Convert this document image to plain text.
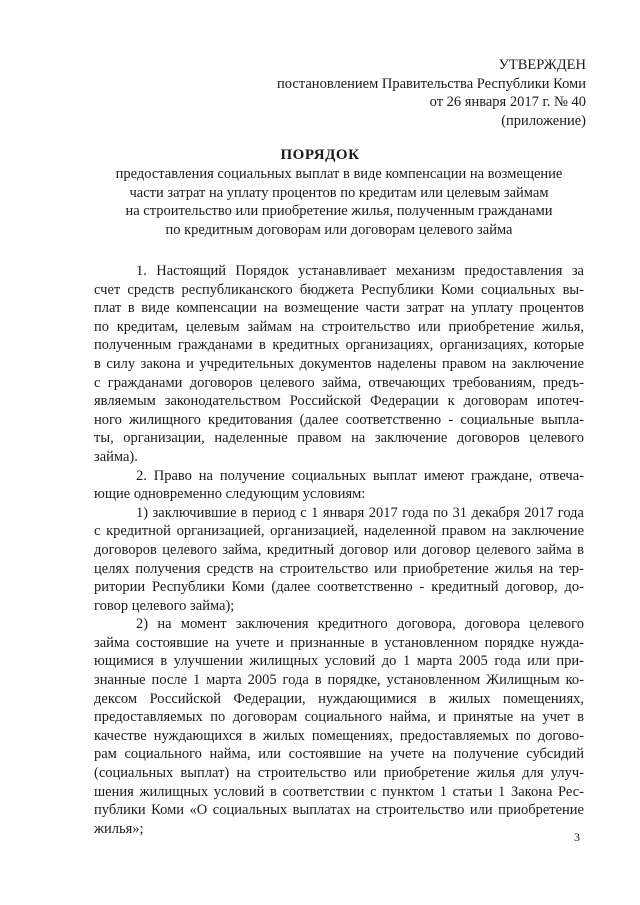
УТВЕРЖДЕН
постановлением Правительства Республики Коми
от 26 января 2017 г. № 40
(приложение)
ПОРЯДОК
предоставления социальных выплат в виде компенсации на возмещение
части затрат на уплату процентов по кредитам или целевым займам
на строительство или приобретение жилья, полученным гражданами
по кредитным договорам или договорам целевого займа
1. Настоящий Порядок устанавливает механизм предоставления за
счет средств республиканского бюджета Республики Коми социальных вы-
плат в виде компенсации на возмещение части затрат на уплату процентов
по кредитам, целевым займам на строительство или приобретение жилья,
полученным гражданами в кредитных организациях, организациях, которые
в силу закона и учредительных документов наделены правом на заключение
с гражданами договоров целевого займа, отвечающих требованиям, предъ-
являемым законодательством Российской Федерации к договорам ипотеч-
ного жилищного кредитования (далее соответственно - социальные выпла-
ты, организации, наделенные правом на заключение договоров целевого
займа).
2. Право на получение социальных выплат имеют граждане, отвеча-
ющие одновременно следующим условиям:
1) заключившие в период с 1 января 2017 года по 31 декабря 2017 года
с кредитной организацией, организацией, наделенной правом на заключение
договоров целевого займа, кредитный договор или договор целевого займа в
целях получения средств на строительство или приобретение жилья на тер-
ритории Республики Коми (далее соответственно - кредитный договор, до-
говор целевого займа);
2) на момент заключения кредитного договора, договора целевого
займа состоявшие на учете и признанные в установленном порядке нужда-
ющимися в улучшении жилищных условий до 1 марта 2005 года или при-
знанные после 1 марта 2005 года в порядке, установленном Жилищным ко-
дексом Российской Федерации, нуждающимися в жилых помещениях,
предоставляемых по договорам социального найма, и принятые на учет в
качестве нуждающихся в жилых помещениях, предоставляемых по догово-
рам социального найма, или состоявшие на учете на получение субсидий
(социальных выплат) на строительство или приобретение жилья для улуч-
шения жилищных условий в соответствии с пунктом 1 статьи 1 Закона Рес-
публики Коми «О социальных выплатах на строительство или приобретение
жилья»;
3
